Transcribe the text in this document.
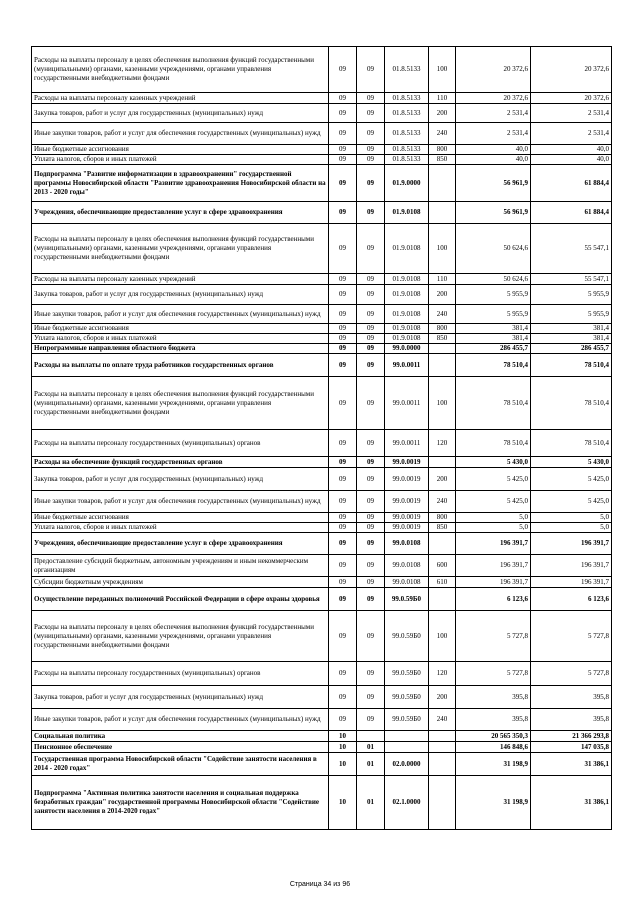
Расходы на выплаты персоналу в целях обеспечения выполнения функций государственными (муниципальными) органами, казенными учреждениями, органами управления государственными внебюджетными фондами	09	09	01.8.5133	100	20 372,6	20 372,6
Расходы на выплаты персоналу казенных учреждений	09	09	01.8.5133	110	20 372,6	20 372,6
Закупка товаров, работ и услуг для государственных (муниципальных) нужд	09	09	01.8.5133	200	2 531,4	2 531,4
Иные закупки товаров, работ и услуг для обеспечения государственных (муниципальных) нужд	09	09	01.8.5133	240	2 531,4	2 531,4
Иные бюджетные ассигнования	09	09	01.8.5133	800	40,0	40,0
Уплата налогов, сборов и иных платежей	09	09	01.8.5133	850	40,0	40,0
Подпрограмма "Развитие информатизации в здравоохранении" государственной программы Новосибирской области "Развитие здравоохранения Новосибирской области на 2013 - 2020 годы"	09	09	01.9.0000		56 961,9	61 884,4
Учреждения, обеспечивающие предоставление услуг в сфере здравоохранения	09	09	01.9.0108		56 961,9	61 884,4
Расходы на выплаты персоналу в целях обеспечения выполнения функций государственными (муниципальными) органами, казенными учреждениями, органами управления государственными внебюджетными фондами	09	09	01.9.0108	100	50 624,6	55 547,1
Расходы на выплаты персоналу казенных учреждений	09	09	01.9.0108	110	50 624,6	55 547,1
Закупка товаров, работ и услуг для государственных (муниципальных) нужд	09	09	01.9.0108	200	5 955,9	5 955,9
Иные закупки товаров, работ и услуг для обеспечения государственных (муниципальных) нужд	09	09	01.9.0108	240	5 955,9	5 955,9
Иные бюджетные ассигнования	09	09	01.9.0108	800	381,4	381,4
Уплата налогов, сборов и иных платежей	09	09	01.9.0108	850	381,4	381,4
Непрограммные направления областного бюджета	09	09	99.0.0000		286 455,7	286 455,7
Расходы на выплаты по оплате труда работников государственных органов	09	09	99.0.0011		78 510,4	78 510,4
Расходы на выплаты персоналу в целях обеспечения выполнения функций государственными (муниципальными) органами, казенными учреждениями, органами управления государственными внебюджетными фондами	09	09	99.0.0011	100	78 510,4	78 510,4
Расходы на выплаты персоналу государственных (муниципальных) органов	09	09	99.0.0011	120	78 510,4	78 510,4
Расходы на обеспечение функций государственных органов	09	09	99.0.0019		5 430,0	5 430,0
Закупка товаров, работ и услуг для государственных (муниципальных) нужд	09	09	99.0.0019	200	5 425,0	5 425,0
Иные закупки товаров, работ и услуг для обеспечения государственных (муниципальных) нужд	09	09	99.0.0019	240	5 425,0	5 425,0
Иные бюджетные ассигнования	09	09	99.0.0019	800	5,0	5,0
Уплата налогов, сборов и иных платежей	09	09	99.0.0019	850	5,0	5,0
Учреждения, обеспечивающие предоставление услуг в сфере здравоохранения	09	09	99.0.0108		196 391,7	196 391,7
Предоставление субсидий бюджетным, автономным учреждениям и иным некоммерческим организациям	09	09	99.0.0108	600	196 391,7	196 391,7
Субсидии бюджетным учреждениям	09	09	99.0.0108	610	196 391,7	196 391,7
Осуществление переданных полномочий Российской Федерации в сфере охраны здоровья	09	09	99.0.59Б0		6 123,6	6 123,6
Расходы на выплаты персоналу в целях обеспечения выполнения функций государственными (муниципальными) органами, казенными учреждениями, органами управления государственными внебюджетными фондами	09	09	99.0.59Б0	100	5 727,8	5 727,8
Расходы на выплаты персоналу государственных (муниципальных) органов	09	09	99.0.59Б0	120	5 727,8	5 727,8
Закупка товаров, работ и услуг для государственных (муниципальных) нужд	09	09	99.0.59Б0	200	395,8	395,8
Иные закупки товаров, работ и услуг для обеспечения государственных (муниципальных) нужд	09	09	99.0.59Б0	240	395,8	395,8
Социальная политика	10				20 565 350,3	21 366 293,8
Пенсионное обеспечение	10	01			146 848,6	147 035,8
Государственная программа Новосибирской области "Содействие занятости населения в 2014 - 2020 годах"	10	01	02.0.0000		31 198,9	31 386,1
Подпрограмма "Активная политика занятости населения и социальная поддержка безработных граждан" государственной программы Новосибирской области "Содействие занятости населения в 2014-2020 годах"	10	01	02.1.0000		31 198,9	31 386,1
Страница 34 из 96
